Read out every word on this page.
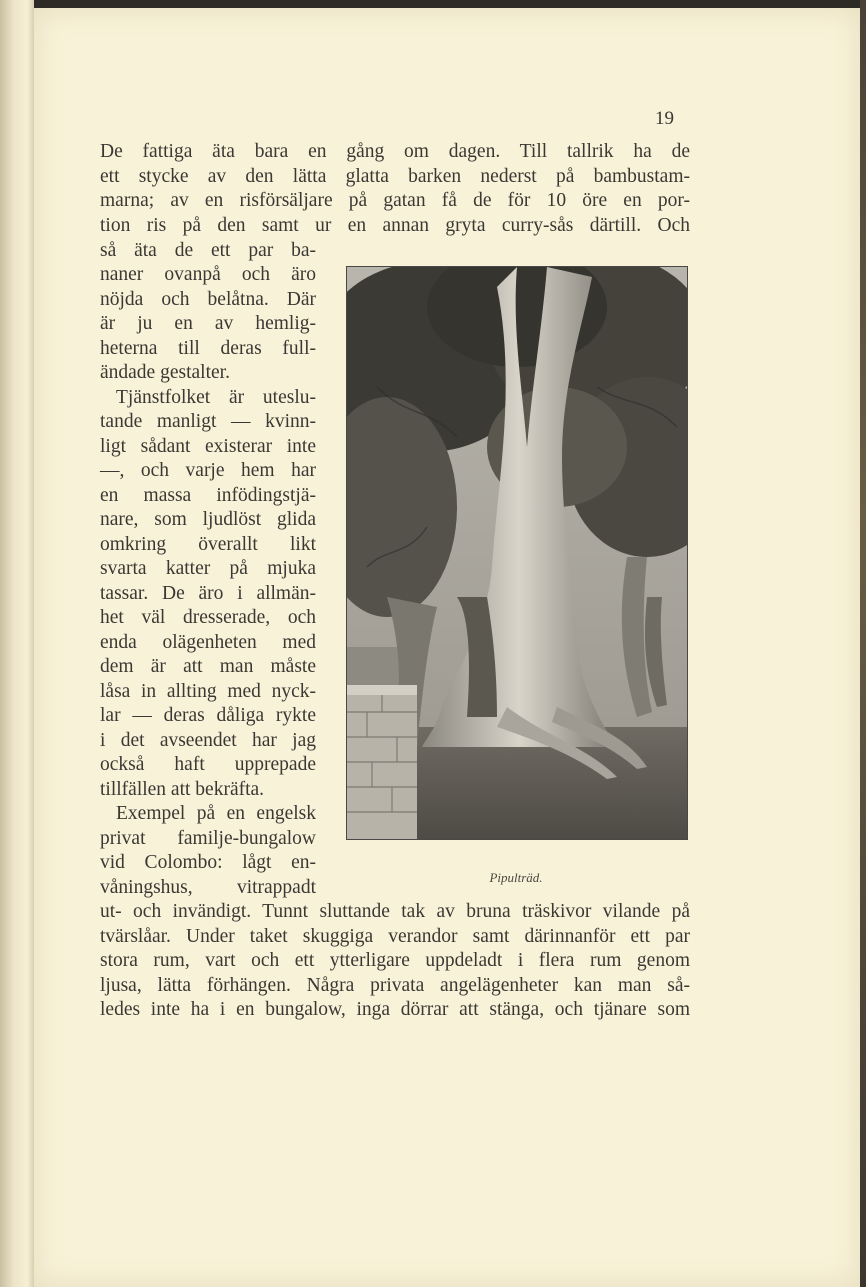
19
De fattiga äta bara en gång om dagen. Till tallrik ha de
ett stycke av den lätta glatta barken nederst på bambustam-
marna; av en risförsäljare på gatan få de för 10 öre en por-
tion ris på den samt ur en annan gryta curry-sås därtill. Och
så äta de ett par ba-
naner ovanpå och äro
nöjda och belåtna. Där
är ju en av hemlig-
heterna till deras full-
ändade gestalter.
Tjänstfolket är uteslu-
tande manligt — kvinn-
ligt sådant existerar inte
—, och varje hem har
en massa infödingstjä-
nare, som ljudlöst glida
omkring överallt likt
svarta katter på mjuka
tassar. De äro i allmän-
het väl dresserade, och
enda olägenheten med
dem är att man måste
låsa in allting med nyck-
lar — deras dåliga rykte
i det avseendet har jag
också haft upprepade
tillfällen att bekräfta.
Exempel på en engelsk
privat familje-bungalow
vid Colombo: lågt en-
våningshus, vitrappadt
ut- och invändigt. Tunnt sluttande tak av bruna träskivor vilande på
tvärslåar. Under taket skuggiga verandor samt därinnanför ett par
stora rum, vart och ett ytterligare uppdeladt i flera rum genom
ljusa, lätta förhängen. Några privata angelägenheter kan man så-
ledes inte ha i en bungalow, inga dörrar att stänga, och tjänare som
Pipulträd.
